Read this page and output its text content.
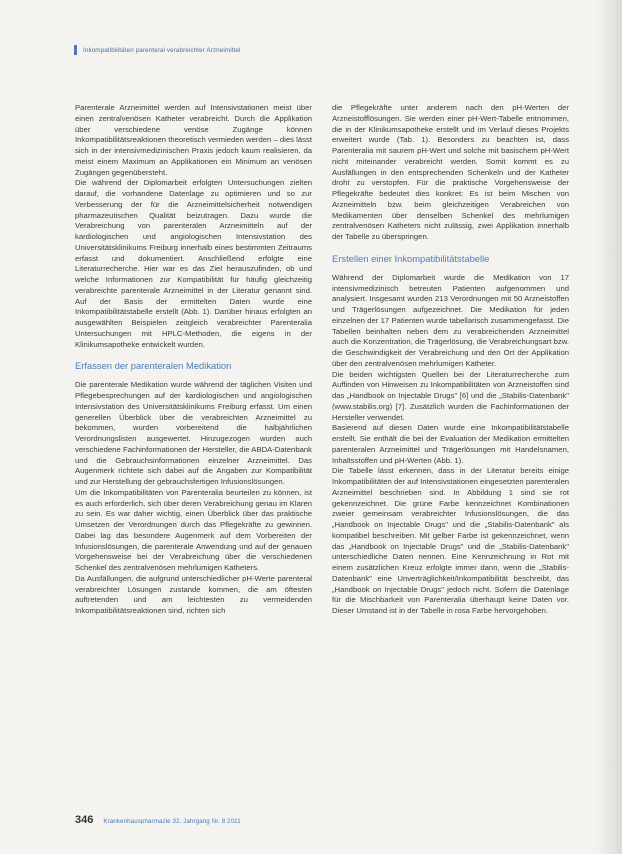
Inkompatibilitäten parenteral verabreichter Arzneimittel

Parenterale Arzneimittel werden auf Intensivstationen meist über einen zentralvenösen Katheter verabreicht. Durch die Applikation über verschiedene venöse Zugänge können Inkompatibilitätsreaktionen theoretisch vermieden werden – dies lässt sich in der intensivmedizinischen Praxis jedoch kaum realisieren, da meist einem Maximum an Applikationen ein Minimum an venösen Zugängen gegenübersteht.

Die während der Diplomarbeit erfolgten Untersuchungen zielten darauf, die vorhandene Datenlage zu optimieren und so zur Verbesserung der für die Arzneimittelsicherheit notwendigen pharmazeutischen Qualität beizutragen. Dazu wurde die Verabreichung von parenteralen Arzneimitteln auf der kardiologischen und angiologischen Intensivstation des Universitätsklinikums Freiburg innerhalb eines bestimmten Zeitraums erfasst und dokumentiert. Anschließend erfolgte eine Literaturrecherche. Hier war es das Ziel herauszufinden, ob und welche Informationen zur Kompatibilität für häufig gleichzeitig verabreichte parenterale Arzneimittel in der Literatur genannt sind. Auf der Basis der ermittelten Daten wurde eine Inkompatibilitätstabelle erstellt (Abb. 1). Darüber hinaus erfolgten an ausgewählten Beispielen zeitgleich verabreichter Parenteralia Untersuchungen mit HPLC-Methoden, die eigens in der Klinikumsapotheke entwickelt wurden.

Erfassen der parenteralen Medikation

Die parenterale Medikation wurde während der täglichen Visiten und Pflegebesprechungen auf der kardiologischen und angiologischen Intensivstation des Universitätsklinikums Freiburg erfasst. Um einen generellen Überblick über die verabreichten Arzneimittel zu bekommen, wurden vorbereitend die halbjährlichen Verordnungslisten ausgewertet. Hinzugezogen wurden auch verschiedene Fachinformationen der Hersteller, die ABDA-Datenbank und die Gebrauchsinformationen einzelner Arzneimittel. Das Augenmerk richtete sich dabei auf die Angaben zur Kompatibilität und zur Herstellung der gebrauchsfertigen Infusionslösungen.

Um die Inkompatibilitäten von Parenteralia beurteilen zu können, ist es auch erforderlich, sich über deren Verabreichung genau im Klaren zu sein. Es war daher wichtig, einen Überblick über das praktische Umsetzen der Verordnungen durch das Pflegekräfte zu gewinnen. Dabei lag das besondere Augenmerk auf dem Vorbereiten der Infusionslösungen, die parenterale Anwendung und auf der genauen Vorgehensweise bei der Verabreichung über die verschiedenen Schenkel des zentralvenösen mehrlumigen Katheters.

Da Ausfällungen, die aufgrund unterschiedlicher pH-Werte parenteral verabreichter Lösungen zustande kommen, die am öftesten auftretenden und am leichtesten zu vermeidenden Inkompatibilitätsreaktionen sind, richten sich

die Pflegekräfte unter anderem nach den pH-Werten der Arzneistofflösungen. Sie werden einer pH-Wert-Tabelle entnommen, die in der Klinikumsapotheke erstellt und im Verlauf dieses Projekts erweitert wurde (Tab. 1). Besonders zu beachten ist, dass Parenteralia mit saurem pH-Wert und solche mit basischem pH-Wert nicht miteinander verabreicht werden. Somit kommt es zu Ausfällungen in den entsprechenden Schenkeln und der Katheter droht zu verstopfen. Für die praktische Vorgehensweise der Pflegekräfte bedeutet dies konkret: Es ist beim Mischen von Arzneimitteln bzw. beim gleichzeitigen Verabreichen von Medikamenten über denselben Schenkel des mehrlumigen zentralvenösen Katheters nicht zulässig, zwei Applikation innerhalb der Tabelle zu überspringen.

Erstellen einer Inkompatibilitätstabelle

Während der Diplomarbeit wurde die Medikation von 17 intensivmedizinisch betreuten Patienten aufgenommen und analysiert. Insgesamt wurden 213 Verordnungen mit 50 Arzneistoffen und Trägerlösungen aufgezeichnet. Die Medikation für jeden einzelnen der 17 Patienten wurde tabellarisch zusammengefasst. Die Tabellen beinhalten neben dem zu verabreichenden Arzneimittel auch die Konzentration, die Trägerlösung, die Verabreichungsart bzw. die Geschwindigkeit der Verabreichung und den Ort der Applikation über den zentralvenösen mehrlumigen Katheter.

Die beiden wichtigsten Quellen bei der Literaturrecherche zum Auffinden von Hinweisen zu Inkompatibilitäten von Arzneistoffen sind das „Handbook on Injectable Drugs" [6] und die „Stabilis-Datenbank" (www.stabilis.org) [7]. Zusätzlich wurden die Fachinformationen der Hersteller verwendet.

Basierend auf diesen Daten wurde eine Inkompatibilitätstabelle erstellt. Sie enthält die bei der Evaluation der Medikation ermittelten parenteralen Arzneimittel und Trägerlösungen mit Handelsnamen, Inhaltsstoffen und pH-Werten (Abb. 1).

Die Tabelle lässt erkennen, dass in der Literatur bereits einige Inkompatibilitäten der auf Intensivstationen eingesetzten parenteralen Arzneimittel beschrieben sind. In Abbildung 1 sind sie rot gekennzeichnet. Die grüne Farbe kennzeichnet Kombinationen zweier gemeinsam verabreichter Infusionslösungen, die das „Handbook on Injectable Drugs" und die „Stabilis-Datenbank" als kompatibel beschreiben. Mit gelber Farbe ist gekennzeichnet, wenn das „Handbook on Injectable Drugs" und die „Stabilis-Datenbank" unterschiedliche Daten nennen. Eine Kennzeichnung in Rot mit einem zusätzlichen Kreuz erfolgte immer dann, wenn die „Stabilis-Datenbank" eine Unverträglichkeit/Inkompatibilität beschreibt, das „Handbook on Injectable Drugs" jedoch nicht. Sofern die Datenlage für die Mischbarkeit von Parenteralia überhaupt keine Daten vor. Dieser Umstand ist in der Tabelle in rosa Farbe hervorgehoben.

346 Krankenhauspharmazie 32. Jahrgang Nr. 8 2011
